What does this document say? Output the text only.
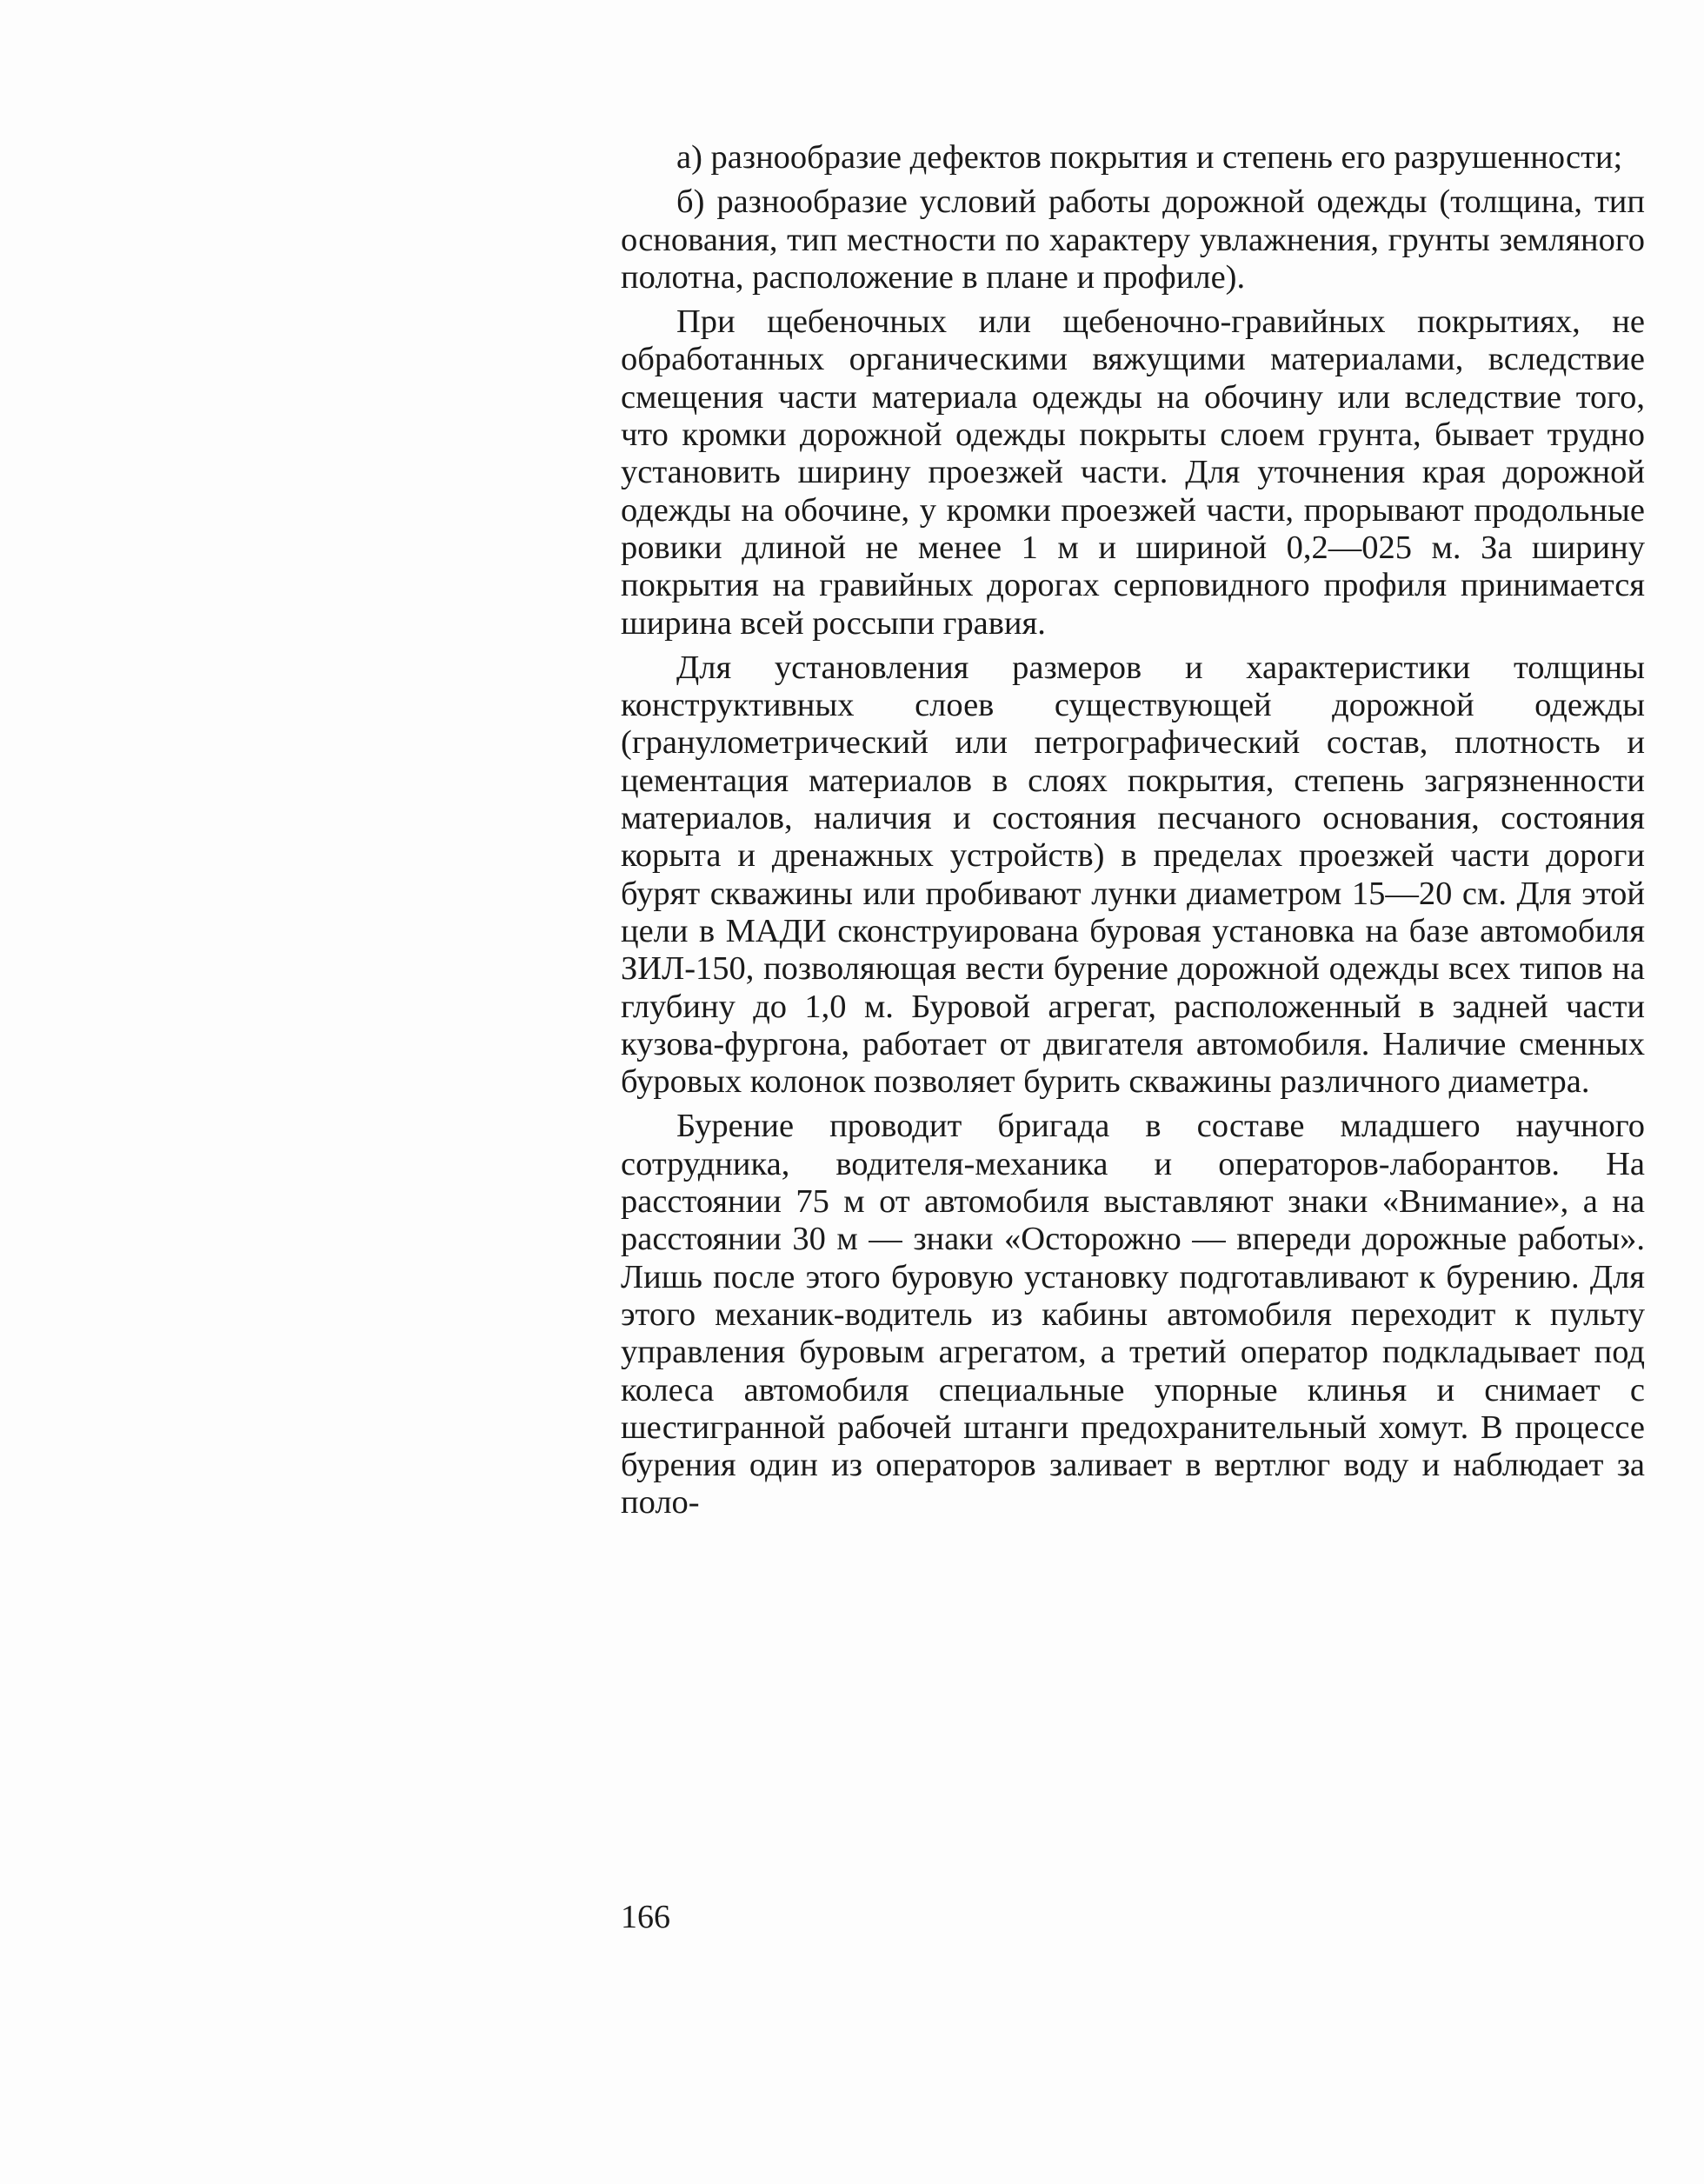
а) разнообразие дефектов покрытия и степень его разрушенности;

б) разнообразие условий работы дорожной одежды (толщина, тип основания, тип местности по характеру увлажнения, грунты земляного полотна, расположение в плане и профиле).

При щебеночных или щебеночно-гравийных покрытиях, не обработанных органическими вяжущими материалами, вследствие смещения части материала одежды на обочину или вследствие того, что кромки дорожной одежды покрыты слоем грунта, бывает трудно установить ширину проезжей части. Для уточнения края дорожной одежды на обочине, у кромки проезжей части, прорывают продольные ровики длиной не менее 1 м и шириной 0,2—025 м. За ширину покрытия на гравийных дорогах серповидного профиля принимается ширина всей россыпи гравия.

Для установления размеров и характеристики толщины конструктивных слоев существующей дорожной одежды (гранулометрический или петрографический состав, плотность и цементация материалов в слоях покрытия, степень загрязненности материалов, наличия и состояния песчаного основания, состояния корыта и дренажных устройств) в пределах проезжей части дороги бурят скважины или пробивают лунки диаметром 15—20 см. Для этой цели в МАДИ сконструирована буровая установка на базе автомобиля ЗИЛ-150, позволяющая вести бурение дорожной одежды всех типов на глубину до 1,0 м. Буровой агрегат, расположенный в задней части кузова-фургона, работает от двигателя автомобиля. Наличие сменных буровых колонок позволяет бурить скважины различного диаметра.

Бурение проводит бригада в составе младшего научного сотрудника, водителя-механика и операторов-лаборантов. На расстоянии 75 м от автомобиля выставляют знаки «Внимание», а на расстоянии 30 м — знаки «Осторожно — впереди дорожные работы». Лишь после этого буровую установку подготавливают к бурению. Для этого механик-водитель из кабины автомобиля переходит к пульту управления буровым агрегатом, а третий оператор подкладывает под колеса автомобиля специальные упорные клинья и снимает с шестигранной рабочей штанги предохранительный хомут. В процессе бурения один из операторов заливает в вертлюг воду и наблюдает за поло-

166
